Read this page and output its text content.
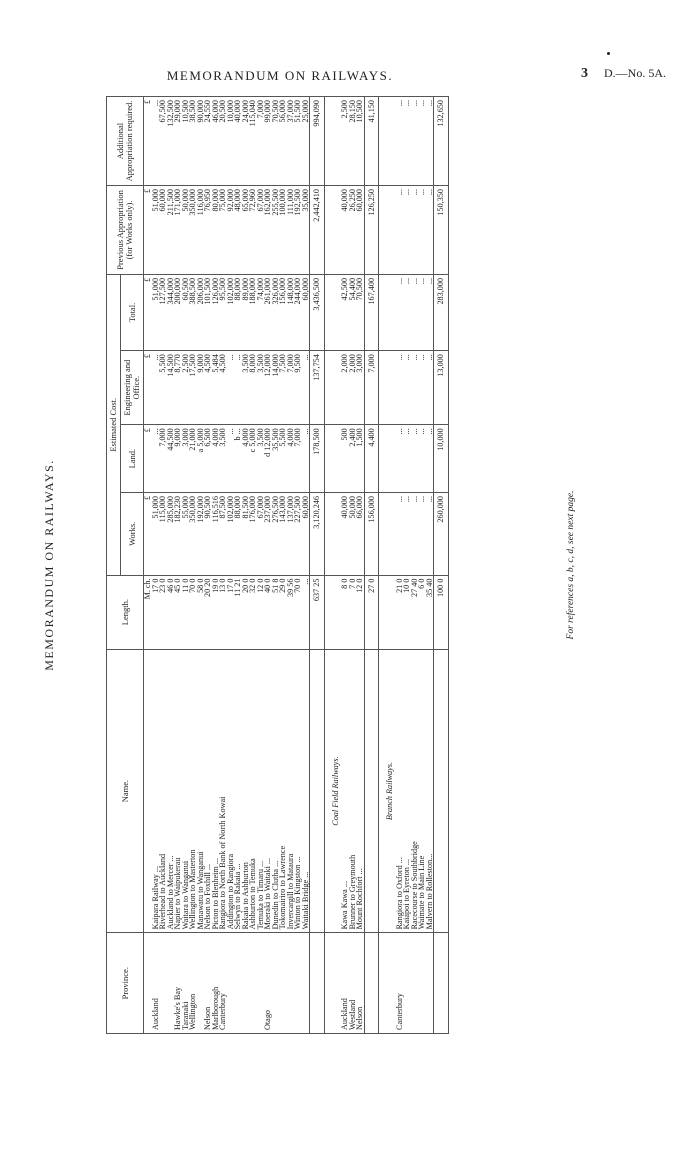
MEMORANDUM ON RAILWAYS.	3 D.—No. 5A.
MEMORANDUM ON RAILWAYS.
Province.	Name.	Length.	Estimated Cost.				Previous Appropriation (for Works only).	Additional Appropriation required.
			Works.	Land.	Engineering and Office.	Total.		
		M. ch.	£	£	£	£	£	£
Auckland	Kaipara Railway ...	17 0	51,000	...	...	51,000	51,000	...
	Riverhead to Auckland	23 0	115,000	7,000	5,500	127,500	60,000	67,500
	Auckland to Mercer ...	46 0	285,000	44,500	14,500	344,000	211,500	132,500
Hawke's Bay	Napier to Waipukerau	45 0	182,230	9,000	8,770	200,000	171,000	29,000
Taranaki	Waitara to Wanganui	11 0	55,000	3,000	2,500	60,500	50,000	10,500
Wellington	Wellington to Masterton	70 0	350,000	21,000	17,500	388,500	350,000	38,500
	Manawatu to Wanganui	58 0	192,000	a 5,000	9,000	206,000	116,000	90,000
Nelson	Nelson to Foxhill ...	20 20	90,500	6,500	4,500	101,500	76,950	24,550
Marlborough	Picton to Blenheim ...	19 0	116,516	4,000	5,484	126,000	80,000	46,000
Canterbury	Rangiora to North Bank of North Kowai	13 0	87,500	3,500	4,500	95,500	75,000	20,500
	Addington to Rangiora	17 0	102,000	...	...	102,000	92,000	10,000
	Selwyn to Rakaia ...	11 21	88,000	b ...	...	88,000	48,000	40,000
	Rakaia to Ashburton	20 0	81,500	4,000	3,500	89,000	65,000	24,000
	Ashburton to Temuka	32 0	176,000	c 5,000	8,000	188,000	72,960	115,040
	Temuka to Timaru ...	12 0	67,000	3,500	3,500	74,000	67,000	7,000
Otago	Moeraki to Waitaki ...	40 0	237,000	d 12,000	12,000	261,000	162,000	99,000
	Dunedin to Clutha ...	51 8	276,500	35,500	14,000	326,000	255,500	70,500
	Tokomairiro to Lawrence	29 0	143,000	5,500	7,500	156,000	100,000	56,000
	Invercargill to Mataura	39 56	137,000	4,000	7,000	148,000	111,000	37,000
	Winton to Kingston ...	70 0	227,500	7,000	9,500	244,000	192,500	51,500
	Waitaki Bridge ...	...	60,000	...	...	60,000	35,000	25,000
		637 25	3,120,246	178,500	137,754	3,436,500	2,442,410	994,090

	Coal Field Railways.							
Auckland	Kawa Kawa ...	8 0	40,000	500	2,000	42,500	40,000	2,500
Westland	Brunner to Greymouth	7 0	50,000	2,400	2,000	54,400	26,250	28,150
Nelson	Mount Rochfort ...	12 0	66,000	1,500	3,000	70,500	60,000	10,500
		27 0	156,000	4,400	7,000	167,400	126,250	41,150

	Branch Railways.							
Canterbury	Rangiora to Oxford ...	21 0	...	...	...	...	...	...
	Kaiapoi to Eyreton ...	10 0	...	...	...	...	...	...
	Racecourse to Southbridge	27 40	...	...	...	...	...	...
	Waimate to Main Line	6 0	...	...	...	...	...	...
	Malvern to Rolleston...	35 40	...	...	...	...	...	...
		100 0	260,000	10,000	13,000	283,000	150,350	132,650
For references a, b, c, d, see next page.
